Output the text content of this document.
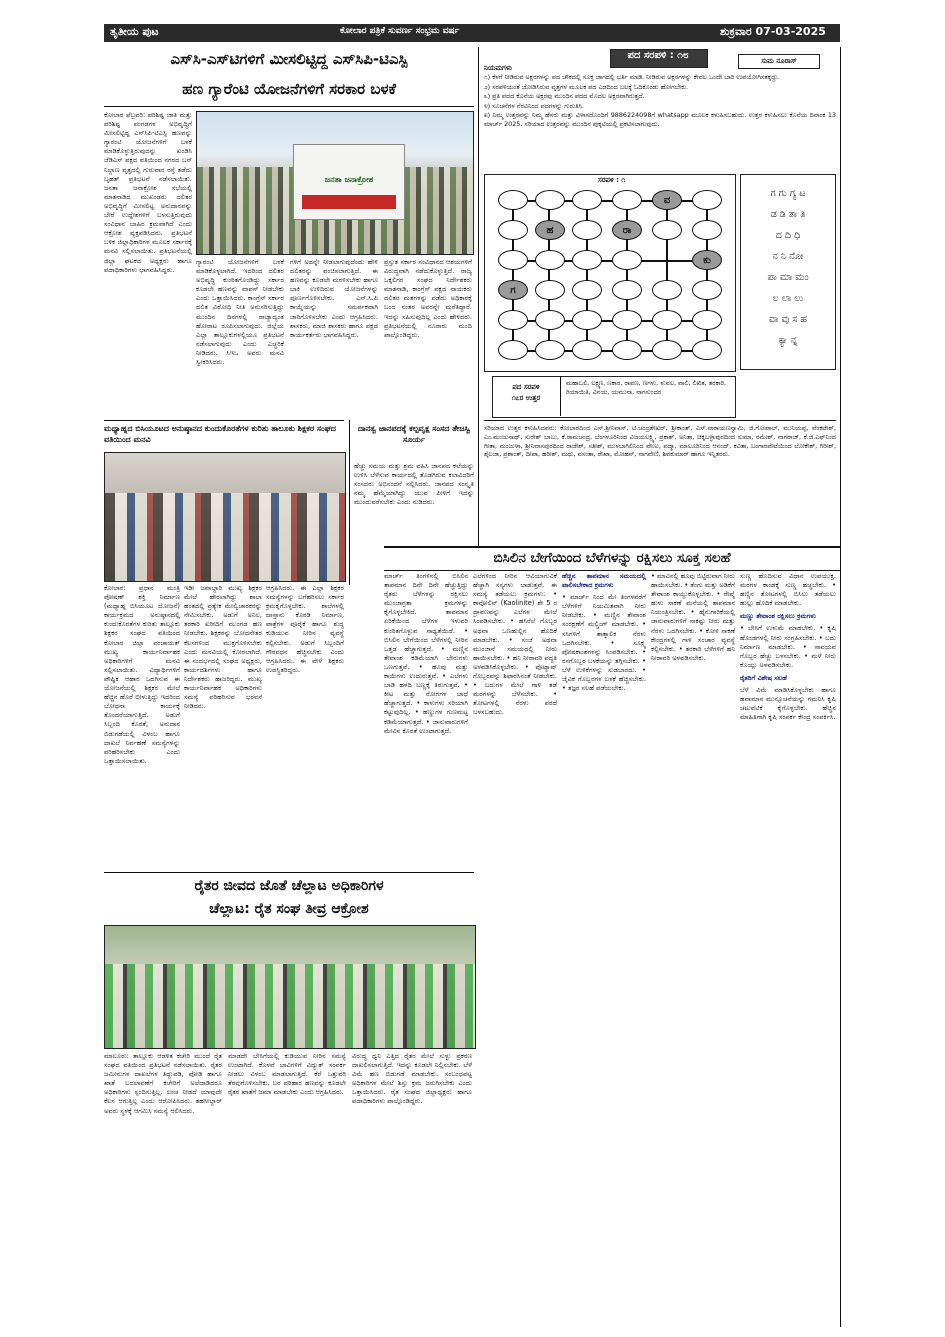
ತೃತೀಯ ಪುಟ	ಕೋಲಾರ ಪತ್ರಿಕೆ ಸುವರ್ಣ ಸಂಭ್ರಮ ವರ್ಷ	ಶುಕ್ರವಾರ 07-03-2025
ಎಸ್‌ಸಿ-ಎಸ್‌ಟಿಗಳಿಗೆ ಮೀಸಲಿಟ್ಟಿದ್ದ ಎಸ್‌ಸಿಪಿ-ಟಿಎಸ್ಪಿ
ಹಣ ಗ್ಯಾರೆಂಟಿ ಯೋಜನೆಗಳಿಗೆ ಸರಕಾರ ಬಳಕೆ
ಕೋಲಾರ ಫೆಬ್ರವರಿ: ಪರಿಶಿಷ್ಟ ಜಾತಿ ಮತ್ತು ಪರಿಶಿಷ್ಟ ಪಂಗಡಗಳ ಅಭಿವೃದ್ಧಿಗೆ ಮೀಸಲಿಟ್ಟಿದ್ದ ಎಸ್‌ಸಿಪಿ-ಟಿಎಸ್ಪಿ ಹಣವನ್ನು ಗ್ಯಾರಂಟಿ ಯೋಜನೆಗಳಿಗೆ ಬಳಕೆ ಮಾಡಿಕೊಳ್ಳುತ್ತಿರುವುದನ್ನು ಖಂಡಿಸಿ ಜೆಡಿಎಸ್ ಪಕ್ಷದ ವತಿಯಿಂದ ನಗರದ ಬಸ್ ನಿಲ್ದಾಣ ವೃತ್ತದಲ್ಲಿ ಗುರುವಾರ ರಸ್ತೆ ತಡೆದು ಬೃಹತ್ ಪ್ರತಿಭಟನೆ ನಡೆಸಲಾಯಿತು. ಜನತಾ ಜನಾಕ್ರೋಶ ಸಭೆಯಲ್ಲಿ ಮಾತನಾಡಿದ ಮುಖಂಡರು ದಲಿತರ ಅಭಿವೃದ್ಧಿಗೆ ಮೀಸಲಿಟ್ಟ ಅನುದಾನವನ್ನು ಬೇರೆ ಉದ್ದೇಶಗಳಿಗೆ ಬಳಸುತ್ತಿರುವುದು ಸಂವಿಧಾನ ಬಾಹಿರ ಕ್ರಮವಾಗಿದೆ ಎಂದು ಆಕ್ರೋಶ ವ್ಯಕ್ತಪಡಿಸಿದರು. ಪ್ರತಿಭಟನೆ ಬಳಿಕ ಜಿಲ್ಲಾಧಿಕಾರಿಗಳ ಮೂಲಕ ಸರ್ಕಾರಕ್ಕೆ ಮನವಿ ಸಲ್ಲಿಸಲಾಯಿತು. ಪ್ರತಿಭಟನೆಯಲ್ಲಿ ಜಿಲ್ಲಾ ಘಟಕದ ಅಧ್ಯಕ್ಷರು ಹಾಗೂ ಪದಾಧಿಕಾರಿಗಳು ಭಾಗವಹಿಸಿದ್ದರು.
ಜನತಾ ಜನಾಕ್ರೋಶ
ಗ್ಯಾರಂಟಿ ಯೋಜನೆಗಳಿಗೆ ಬಳಕೆ ಮಾಡಿಕೊಳ್ಳಲಾಗಿದೆ. ಇದರಿಂದ ದಲಿತರ ಅಭಿವೃದ್ಧಿ ಕುಂಠಿತಗೊಂಡಿದ್ದು ಸರ್ಕಾರ ಕೂಡಲೇ ಹಣವನ್ನು ವಾಪಸ್ ನೀಡಬೇಕು ಎಂದು ಒತ್ತಾಯಿಸಿದರು. ಕಾಂಗ್ರೆಸ್ ಸರ್ಕಾರ ದಲಿತ ವಿರೋಧಿ ನೀತಿ ಅನುಸರಿಸುತ್ತಿದ್ದು ಮುಂದಿನ ದಿನಗಳಲ್ಲಿ ರಾಜ್ಯಾದ್ಯಂತ ಹೋರಾಟ ರೂಪಿಸಲಾಗುವುದು. ಜಿಲ್ಲೆಯ ಎಲ್ಲಾ ತಾಲ್ಲೂಕುಗಳಲ್ಲಿಯೂ ಪ್ರತಿಭಟನೆ ನಡೆಸಲಾಗುವುದು ಎಂದು ಎಚ್ಚರಿಕೆ ನೀಡಿದರು. ಸಿಇಒ ಅವರು ಮನವಿ ಸ್ವೀಕರಿಸಿದರು.
ಗಳಿಗೆ ಅದನ್ನೇ ನೀಡಲಾಗುವುದೆಂದು ಹೇಳಿ ದಲಿತರನ್ನು ವಂಚಿಸಲಾಗುತ್ತಿದೆ. ಈ ಹಣವನ್ನು ಕೂಡಲೇ ಮರಳಿಸಬೇಕು ಹಾಗೂ ಬಾಕಿ ಉಳಿದಿರುವ ಯೋಜನೆಗಳನ್ನು ಪೂರ್ಣಗೊಳಿಸಬೇಕು. ಎಸ್.ಸಿ.ಪಿ ಕಾಯ್ದೆಯನ್ನು ಸಮರ್ಪಕವಾಗಿ ಜಾರಿಗೊಳಿಸಬೇಕು ಎಂದು ಆಗ್ರಹಿಸಿದರು. ಶಾಸಕರು, ಮಾಜಿ ಶಾಸಕರು ಹಾಗೂ ಪಕ್ಷದ ಕಾರ್ಯಕರ್ತರು ಭಾಗವಹಿಸಿದ್ದರು.
ಪ್ರಸ್ತುತ ಸರ್ಕಾರ ಸಂವಿಧಾನದ ಆಶಯಗಳಿಗೆ ವಿರುದ್ಧವಾಗಿ ನಡೆದುಕೊಳ್ಳುತ್ತಿದೆ. ರಾಜ್ಯ ಒಕ್ಕಲಿಗರ ಸಂಘದ ನಿರ್ದೇಶಕರು ಮಾತನಾಡಿ, ಕಾಂಗ್ರೆಸ್ ಪಕ್ಷದ ನಾಯಕರು ದಲಿತರ ಮತಗಳನ್ನು ಪಡೆದು ಅಧಿಕಾರಕ್ಕೆ ಬಂದ ನಂತರ ಅವರನ್ನೇ ಮರೆತಿದ್ದಾರೆ. ಇದನ್ನು ಸಹಿಸುವುದಿಲ್ಲ ಎಂದು ಹೇಳಿದರು. ಪ್ರತಿಭಟನೆಯಲ್ಲಿ ನೂರಾರು ಮಂದಿ ಪಾಲ್ಗೊಂಡಿದ್ದರು.
ಮಧ್ಯಾಹ್ನದ ಬಿಸಿಯೂಟದ ಅನುಷ್ಠಾನದ ಕುಂದುಕೊರತೆಗಳ ಕುರಿತು ತಾಲೂಕು ಶಿಕ್ಷಕರ ಸಂಘದ ವತಿಯಿಂದ ಮನವಿ
ಕೋಲಾರ: ಪ್ರಧಾನ ಮಂತ್ರಿ ಪೋಷಣ್ ಶಕ್ತಿ ನಿರ್ಮಾಣ (ಮಧ್ಯಾಹ್ನ ಬಿಸಿಯೂಟ ಯೋಜನೆ) ಕಾರ್ಯಕ್ರಮದ ಅನುಷ್ಠಾನದಲ್ಲಿ ಕುಂದುಕೊರತೆಗಳ ಕುರಿತು ತಾಲ್ಲೂಕು ಶಿಕ್ಷಕರ ಸಂಘದ ವತಿಯಿಂದ ಕೋಲಾರ ಜಿಲ್ಲಾ ಪಂಚಾಯತ್ ಮುಖ್ಯ ಕಾರ್ಯನಿರ್ವಾಹಕ ಅಧಿಕಾರಿಗಳಿಗೆ ಮನವಿ ಸಲ್ಲಿಸಲಾಯಿತು. ವಿದ್ಯಾರ್ಥಿಗಳಿಗೆ ಪೌಷ್ಟಿಕ ಆಹಾರ ಒದಗಿಸುವ ಈ ಯೋಜನೆಯಲ್ಲಿ ಶಿಕ್ಷಕರ ಮೇಲೆ ಹೆಚ್ಚಿನ ಹೊರೆ ಬೀಳುತ್ತಿದ್ದು ಇದರಿಂದ ಬೋಧನಾ ಕಾರ್ಯಕ್ಕೆ ತೊಂದರೆಯಾಗುತ್ತಿದೆ. ಅಡುಗೆ ಸಿಬ್ಬಂದಿ ಕೊರತೆ, ಅನುದಾನ ಬಿಡುಗಡೆಯಲ್ಲಿ ವಿಳಂಬ ಹಾಗೂ ದಾಖಲೆ ನಿರ್ವಹಣೆ ಸಮಸ್ಯೆಗಳನ್ನು ಪರಿಹರಿಸಬೇಕು ಎಂದು ಒತ್ತಾಯಿಸಲಾಯಿತು.
ಇಡೀ ಜವಾಬ್ದಾರಿ ಮುಖ್ಯ ಶಿಕ್ಷಕರ ಮೇಲೆ ಹೇರಲಾಗಿದ್ದು ಶಾಲಾ ಹಂತದಲ್ಲಿ ಪ್ರತ್ಯೇಕ ಮೇಲ್ವಿಚಾರಕರನ್ನು ನೇಮಿಸಬೇಕು. ಅಡುಗೆ ಅನಿಲ, ತರಕಾರಿ ಖರೀದಿಗೆ ಮುಂಗಡ ಹಣ ನೀಡಬೇಕು. ಶಿಕ್ಷಕರನ್ನು ಬೋಧನೇತರ ಕೆಲಸಗಳಿಂದ ಮುಕ್ತಗೊಳಿಸಬೇಕು ಎಂದು ಮನವಿಯಲ್ಲಿ ಕೋರಲಾಗಿದೆ. ಈ ಸಂದರ್ಭದಲ್ಲಿ ಸಂಘದ ಅಧ್ಯಕ್ಷರು, ಕಾರ್ಯದರ್ಶಿಗಳು ಹಾಗೂ ನಿರ್ದೇಶಕರು ಹಾಜರಿದ್ದರು. ಮುಖ್ಯ ಕಾರ್ಯನಿರ್ವಾಹಕ ಅಧಿಕಾರಿಗಳು ಸಮಸ್ಯೆ ಪರಿಹರಿಸುವ ಭರವಸೆ ನೀಡಿದರು.
ಆಗ್ರಹಿಸಿದರು. ಈ ಎಲ್ಲಾ ಶಿಕ್ಷಕರ ಸಮಸ್ಯೆಗಳನ್ನು ಬಗೆಹರಿಸಲು ಸರ್ಕಾರ ಕ್ರಮಕೈಗೊಳ್ಳಬೇಕು. ಶಾಲೆಗಳಲ್ಲಿ ದಾಸ್ತಾನು ಕೊಠಡಿ ನಿರ್ಮಾಣ, ಪಾತ್ರೆಗಳ ಪೂರೈಕೆ ಹಾಗೂ ಶುದ್ಧ ಕುಡಿಯುವ ನೀರಿನ ವ್ಯವಸ್ಥೆ ಕಲ್ಪಿಸಬೇಕು. ಅಡುಗೆ ಸಿಬ್ಬಂದಿಗೆ ಗೌರವಧನ ಹೆಚ್ಚಿಸಬೇಕು ಎಂದು ಆಗ್ರಹಿಸಿದರು. ಈ ವೇಳೆ ಶಿಕ್ಷಕರು ಉಪಸ್ಥಿತರಿದ್ದರು.
ದಾನತ್ವ ಜಾನಪದಕ್ಕೆ ಕಲ್ಪವೃಕ್ಷ ಸಂಸದ ತೇಜಸ್ವಿ ಸೂರ್ಯ
ಹೆಚ್ಚು ಸಮಯ ಮತ್ತು ಶ್ರಮ ವಹಿಸಿ ಜಾನಪದ ಕಲೆಯನ್ನು ಉಳಿಸಿ ಬೆಳೆಸುವ ಕಾರ್ಯದಲ್ಲಿ ತೊಡಗಿರುವ ಕಲಾವಿದರಿಗೆ ಸಂಸದರು ಅಭಿನಂದನೆ ಸಲ್ಲಿಸಿದರು. ಜಾನಪದ ಸಂಸ್ಕೃತಿ ನಮ್ಮ ಹೆಮ್ಮೆಯಾಗಿದ್ದು ಯುವ ಪೀಳಿಗೆ ಇದನ್ನು ಮುಂದುವರೆಸಬೇಕು ಎಂದು ನುಡಿದರು.
ರೈತರ ಜೀವದ ಜೊತೆ ಚೆಲ್ಲಾಟ ಅಧಿಕಾರಿಗಳ
ಚೆಲ್ಲಾಟ: ರೈತ ಸಂಘ ತೀವ್ರ ಆಕ್ರೋಶ
ಮಾಲೂರು: ತಾಲ್ಲೂಕು ಆಡಳಿತ ಕಚೇರಿ ಮುಂದೆ ರೈತ ಸಂಘದ ವತಿಯಿಂದ ಪ್ರತಿಭಟನೆ ನಡೆಸಲಾಯಿತು. ರೈತರ ಜಮೀನುಗಳ ದಾಖಲೆಗಳ ತಿದ್ದುಪಡಿ, ಪೋಡಿ ಹಾಗೂ ಖಾತೆ ಬದಲಾವಣೆಗೆ ಕಚೇರಿಗೆ ಅಲೆದಾಡಿದರೂ ಅಧಿಕಾರಿಗಳು ಸ್ಪಂದಿಸುತ್ತಿಲ್ಲ. ಲಂಚ ನೀಡದೆ ಯಾವುದೇ ಕೆಲಸ ಆಗುತ್ತಿಲ್ಲ ಎಂದು ಆರೋಪಿಸಿದರು. ತಹಸೀಲ್ದಾರ್ ಅವರು ಸ್ಥಳಕ್ಕೆ ಆಗಮಿಸಿ ಸಮಸ್ಯೆ ಆಲಿಸಿದರು.
ಮಾಡದೇ ಬೇಸಿಗೆಯಲ್ಲಿ ಕುಡಿಯುವ ನೀರಿನ ಸಮಸ್ಯೆ ಉಂಟಾಗಿದೆ. ಕೊಳವೆ ಬಾವಿಗಳಿಗೆ ವಿದ್ಯುತ್ ಸಂಪರ್ಕ ನೀಡಲು ವಿಳಂಬ ಮಾಡಲಾಗುತ್ತಿದೆ. ಕೆರೆ ಒತ್ತುವರಿ ತೆರವುಗೊಳಿಸಬೇಕು. ಬರ ಪರಿಹಾರ ಹಣವನ್ನು ಕೂಡಲೇ ರೈತರ ಖಾತೆಗೆ ಜಮಾ ಮಾಡಬೇಕು ಎಂದು ಆಗ್ರಹಿಸಿದರು.
ವಿರುದ್ಧ ಧ್ವನಿ ಎತ್ತಿದ ರೈತರ ಮೇಲೆ ಸುಳ್ಳು ಪ್ರಕರಣ ದಾಖಲಿಸಲಾಗುತ್ತಿದೆ. ಇದನ್ನು ಕೂಡಲೇ ನಿಲ್ಲಿಸಬೇಕು. ಬೆಳೆ ವಿಮೆ ಹಣ ಬಿಡುಗಡೆ ಮಾಡಬೇಕು. ಸಂಬಂಧಪಟ್ಟ ಅಧಿಕಾರಿಗಳ ಮೇಲೆ ಶಿಸ್ತು ಕ್ರಮ ಜರುಗಿಸಬೇಕು ಎಂದು ಒತ್ತಾಯಿಸಿದರು. ರೈತ ಸಂಘದ ಜಿಲ್ಲಾಧ್ಯಕ್ಷರು ಹಾಗೂ ಪದಾಧಿಕಾರಿಗಳು ಪಾಲ್ಗೊಂಡಿದ್ದರು.
ಪದ ಸರಪಳಿ : ೧೮	ಸುಮ ನೂರಾಸ್
ನಿಯಮಗಳು
೧) ಕೆಳಗೆ ನೀಡಿರುವ ಅಕ್ಷರಗಳನ್ನು ಪದ ಚೌಕದಲ್ಲಿ ಸೂಕ್ತ ಜಾಗದಲ್ಲಿ ಭರ್ತಿ ಮಾಡಿ. ನೀಡಿರುವ ಅಕ್ಷರಗಳನ್ನು ಕೇವಲ ಒಂದೇ ಬಾರಿ ಉಪಯೋಗಿಸತಕ್ಕದ್ದು.
೨) ಸರಪಳಿಯಂತೆ ಜೋಡಿಸಿರುವ ವೃತ್ತಗಳ ಮೂಲಕ ಪದ ಎಡದಿಂದ ಬಲಕ್ಕೆ ಓದಿಕೊಂಡು ಹೋಗಬೇಕು.
೩) ಪ್ರತಿ ಪದದ ಕೊನೆಯ ಅಕ್ಷರವು ಮುಂದಿನ ಪದದ ಮೊದಲ ಅಕ್ಷರವಾಗಿರುತ್ತದೆ.
೪) ಸೂಚನೆಗಳ ನೆರವಿನಿಂದ ಪದಗಳನ್ನು ಗುರುತಿಸಿ.
೫) ನಿಮ್ಮ ಉತ್ತರವನ್ನು ನಿಮ್ಮ ಹೆಸರು ಮತ್ತು ವಿಳಾಸದೊಂದಿಗೆ 9886224098ಗೆ whatsapp ಮೂಲಕ ಕಳುಹಿಸಬಹುದು. ಉತ್ತರ ಕಳುಹಿಸಲು ಕೊನೆಯ ದಿನಾಂಕ 13 ಮಾರ್ಚ್ 2025. ಸರಿಯಾದ ಉತ್ತರವನ್ನು ಮುಂದಿನ ಪುಕ್ಕಟಿಯಲ್ಲಿ ಪ್ರಕಟಿಸಲಾಗುವುದು.
ಸರಪಳಿ : ೧
ವ
ಹ	ರಾ
ಕು
ಗ
ಗ ಗು ಗ್ಯ ಟ
ಡ ಡಿ ತಾ ತಿ
ದ ದಿ ಧಿ
ನ ನಿ ನೋ
ಪಾ ಮಾ ಮಂ
ಲ ಲಾ ಲು
ವಾ ವು ಸ ಹ
ಕ್ಯಾ ನ್ನ
ಪದ ಸರಪಳಿ
೧೭ರ ಉತ್ತರ
ಮಹಾಬಲಿ, ಲಕ್ಷ್ಮಣ, ಣಕಾರ, ರಾವಣ, ಣಗಳು, ಳುವಲ, ವಾಲಿ, ಲಿಖಿತ, ತರಕಾರಿ, ರಿಯಾಯಿತಿ, ವಿನಯ, ಯಮುನಾ, ನಾಗಸುಂದರ
ಸರಿಯಾದ ಉತ್ತರ ಕಳುಹಿಸಿದವರು: ಕೋಲಾರದಿಂದ ಎಸ್.ಶ್ರೀನಿವಾಸ್, ಟಿ.ಚಂದ್ರಶೇಖರ್, ಶ್ರೀಕಾಂತ್, ಎಸ್.ನಾರಾಯಣಸ್ವಾಮಿ, ಜಿ.ಗೋಪಾಲ್, ಮುನಿಯಪ್ಪ, ವೆಂಕಟೇಶ್, ಎಂ.ಮಂಜುನಾಥ್, ಸುರೇಶ್ ಬಾಬು, ಕೆ.ರಾಮಚಂದ್ರ, ಬೆಂಗಳೂರಿನಿಂದ ವಿಜಯಲಕ್ಷ್ಮಿ, ಪ್ರಕಾಶ್, ಅನಿತಾ, ಚಿಕ್ಕಬಳ್ಳಾಪುರದಿಂದ ಸುಮಾ, ರಮೇಶ್, ನಾಗರಾಜ್, ಕೆ.ಜಿ.ಎಫ್‌ನಿಂದ ಗೀತಾ, ಮಂಜುಳಾ, ಶ್ರೀನಿವಾಸಪುರದಿಂದ ರಾಜೇಶ್, ಸತೀಶ್, ಮುಳಬಾಗಿಲಿನಿಂದ ವೇಣು, ಪದ್ಮಾ, ಮಾಲೂರಿನಿಂದ ಆನಂದ್, ಕವಿತಾ, ಬಂಗಾರಪೇಟೆಯಿಂದ ಲೋಕೇಶ್, ಗಿರೀಶ್, ಶೈಲಜಾ, ಪ್ರಶಾಂತ್, ದೀಪಾ, ಹರೀಶ್, ಮಧು, ವಸಂತಾ, ರೇಖಾ, ಮೋಹನ್, ನಾಗವೇಣಿ, ಶಿವಕುಮಾರ್ ಹಾಗೂ ಇನ್ನಿತರರು.
ಬಿಸಿಲಿನ ಬೇಗೆಯಿಂದ ಬೆಳೆಗಳನ್ನು ರಕ್ಷಿಸಲು ಸೂಕ್ತ ಸಲಹೆ
ಮಾರ್ಚ್ ತಿಂಗಳಿನಲ್ಲಿ ಬಿಸಿಲಿನ ತಾಪಮಾನ ದಿನೇ ದಿನೇ ಹೆಚ್ಚುತ್ತಿದ್ದು ರೈತರು ಬೆಳೆಗಳನ್ನು ರಕ್ಷಿಸಲು ಮುಂಜಾಗ್ರತಾ ಕ್ರಮಗಳನ್ನು ಕೈಗೊಳ್ಳಬೇಕಿದೆ. ತಾಪಮಾನ ಏರಿಕೆಯಿಂದ ಬೆಳೆಗಳ ಇಳುವರಿ ಕುಂಠಿತಗೊಳ್ಳುವ ಸಾಧ್ಯತೆಯಿದೆ. • ಬಿಸಿಲಿನ ಬೇಗೆಯಿಂದ ಬೆಳೆಗಳಲ್ಲಿ ನೀರಿನ ಒತ್ತಡ ಹೆಚ್ಚಾಗುತ್ತದೆ. • ಮಣ್ಣಿನ ತೇವಾಂಶ ಕಡಿಮೆಯಾಗಿ ಬೇರುಗಳು ಒಣಗುತ್ತವೆ. • ಹೂವು ಮತ್ತು ಕಾಯಿಗಳು ಉದುರುತ್ತವೆ. • ಎಲೆಗಳು ಬಾಡಿ ಹಳದಿ ಬಣ್ಣಕ್ಕೆ ತಿರುಗುತ್ತವೆ. • ಕೀಟ ಮತ್ತು ರೋಗಗಳ ಬಾಧೆ ಹೆಚ್ಚಾಗುತ್ತದೆ. • ಕಾಳುಗಳು ಸರಿಯಾಗಿ ಕಟ್ಟುವುದಿಲ್ಲ. • ಹಣ್ಣುಗಳ ಗುಣಮಟ್ಟ ಕಡಿಮೆಯಾಗುತ್ತದೆ. • ಜಾನುವಾರುಗಳಿಗೆ ಮೇವಿನ ಕೊರತೆ ಉಂಟಾಗುತ್ತದೆ.
ಎಲೆಗಳಿಂದ ನೀರಿನ ಆವಿಯಾಗುವಿಕೆ ಹೆಚ್ಚಾಗಿ ಸಸ್ಯಗಳು ಬಾಡುತ್ತವೆ. ಈ ಸಮಸ್ಯೆ ತಡೆಯಲು ಕ್ರಮಗಳು: • ಕಾವೋಲಿನ್ (Kaolinite) ಶೇ 5 ರ ದ್ರಾವಣವನ್ನು ಎಲೆಗಳ ಮೇಲೆ ಸಿಂಪಡಿಸಬೇಕು. • ಹಸಿರೆಲೆ ಗೊಬ್ಬರ ಅಥವಾ ಒಣಹುಲ್ಲಿನ ಹೊದಿಕೆ ಮಾಡಬೇಕು. • ಸಂಜೆ ಅಥವಾ ಮುಂಜಾನೆ ಸಮಯದಲ್ಲಿ ನೀರು ಹಾಯಿಸಬೇಕು. • ಹನಿ ನೀರಾವರಿ ಪದ್ಧತಿ ಅಳವಡಿಸಿಕೊಳ್ಳಬೇಕು. • ಪೊಟ್ಯಾಷ್ ಗೊಬ್ಬರವನ್ನು ಶಿಫಾರಸಿನಂತೆ ನೀಡಬೇಕು. • ಬದುಗಳ ಮೇಲೆ ಗಾಳಿ ತಡೆ ಮರಗಳನ್ನು ಬೆಳೆಸಬೇಕು. • ತೋಟಗಳಲ್ಲಿ ನೆರಳು ಪರದೆ ಬಳಸಬಹುದು.
ಹೆಚ್ಚಿನ ತಾಪಮಾನ ಸಮಯದಲ್ಲಿ ಪಾಲಿಸಬೇಕಾದ ಕ್ರಮಗಳು
• ಮಾರ್ಚ್ ನಿಂದ ಮೇ ತಿಂಗಳವರೆಗೆ ಬೆಳೆಗಳಿಗೆ ನಿಯಮಿತವಾಗಿ ನೀರು ನೀಡಬೇಕು. • ಮಣ್ಣಿನ ತೇವಾಂಶ ಸಂರಕ್ಷಣೆಗೆ ಮಲ್ಚಿಂಗ್ ಮಾಡಬೇಕು. • ಸಸಿಗಳಿಗೆ ತಾತ್ಕಾಲಿಕ ನೆರಳು ಒದಗಿಸಬೇಕು. • ಸೂಕ್ಷ್ಮ ಪೋಷಕಾಂಶಗಳನ್ನು ಸಿಂಪಡಿಸಬೇಕು. • ರಸಗೊಬ್ಬರ ಬಳಕೆಯನ್ನು ತಗ್ಗಿಸಬೇಕು. • ಬೆಳೆ ಉಳಿಕೆಗಳನ್ನು ಸುಡಬಾರದು. • ಜೈವಿಕ ಗೊಬ್ಬರಗಳ ಬಳಕೆ ಹೆಚ್ಚಿಸಬೇಕು. • ತಜ್ಞರ ಸಲಹೆ ಪಡೆಯಬೇಕು.
• ಮಾವಿನಲ್ಲಿ ಹೂವು ಬಿಟ್ಟಿರುವಾಗ ನೀರು ಹಾಯಿಸಬೇಕು. • ತೆಂಗು ಮತ್ತು ಅಡಿಕೆಗೆ ತೇವಾಂಶ ಕಾಯ್ದುಕೊಳ್ಳಬೇಕು. • ರೇಷ್ಮೆ ಹುಳು ಸಾಕಣೆ ಮನೆಯಲ್ಲಿ ತಾಪಮಾನ ನಿಯಂತ್ರಿಸಬೇಕು. • ಹೈನುಗಾರಿಕೆಯಲ್ಲಿ ಜಾನುವಾರುಗಳಿಗೆ ಸಾಕಷ್ಟು ನೀರು ಮತ್ತು ನೆರಳು ಒದಗಿಸಬೇಕು. • ಕೋಳಿ ಸಾಕಣೆ ಕೇಂದ್ರಗಳಲ್ಲಿ ಗಾಳಿ ಸಂಚಾರ ವ್ಯವಸ್ಥೆ ಕಲ್ಪಿಸಬೇಕು. • ತರಕಾರಿ ಬೆಳೆಗಳಿಗೆ ಹನಿ ನೀರಾವರಿ ಅಳವಡಿಸಬೇಕು.
ಸುಣ್ಣ ಹೊದಿಸುವ ವಿಧಾನ ಉಪಯುಕ್ತ. ಮರಗಳ ಕಾಂಡಕ್ಕೆ ಸುಣ್ಣ ಹಚ್ಚಬೇಕು. • ಹಣ್ಣಿನ ತೋಟಗಳಲ್ಲಿ ಬಿಸಿಲು ತಡೆಯಲು ಹುಲ್ಲು ಹೊದಿಕೆ ಮಾಡಬೇಕು.
ಮಣ್ಣು ತೇವಾಂಶ ರಕ್ಷಿಸಲು ಕ್ರಮಗಳು
• ಬೇಸಿಗೆ ಉಳುಮೆ ಮಾಡಬೇಕು. • ಕೃಷಿ ಹೊಂಡಗಳಲ್ಲಿ ನೀರು ಸಂಗ್ರಹಿಸಬೇಕು. • ಬದು ನಿರ್ಮಾಣ ಮಾಡಬೇಕು. • ಸಾವಯವ ಗೊಬ್ಬರ ಹೆಚ್ಚು ಬಳಸಬೇಕು. • ಮಳೆ ನೀರು ಕೊಯ್ಲು ಅಳವಡಿಸಬೇಕು.
ರೈತರಿಗೆ ವಿಶೇಷ ಸಲಹೆ
ಬೆಳೆ ವಿಮೆ ಮಾಡಿಸಿಕೊಳ್ಳಬೇಕು ಹಾಗೂ ಹವಾಮಾನ ಮುನ್ಸೂಚನೆಯನ್ನು ಗಮನಿಸಿ ಕೃಷಿ ಚಟುವಟಿಕೆ ಕೈಗೊಳ್ಳಬೇಕು. ಹೆಚ್ಚಿನ ಮಾಹಿತಿಗಾಗಿ ಕೃಷಿ ಸಂಪರ್ಕ ಕೇಂದ್ರ ಸಂಪರ್ಕಿಸಿ.
